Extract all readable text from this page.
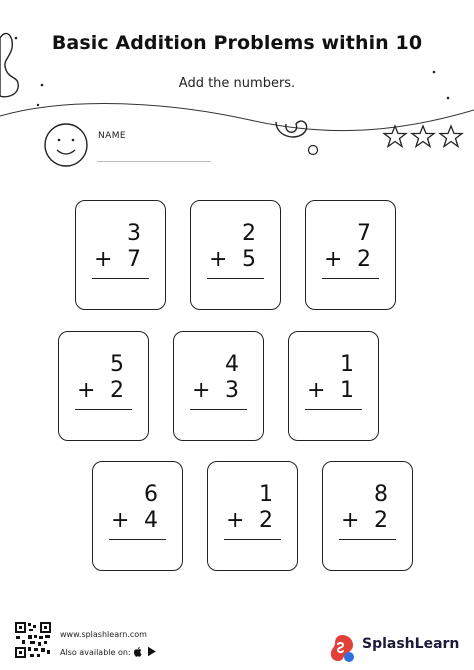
Basic Addition Problems within 10
Add the numbers.
NAME
3
+ 7
2
+ 5
7
+ 2
5
+ 2
4
+ 3
1
+ 1
6
+ 4
1
+ 2
8
+ 2
www.splashlearn.com
Also available on:
SplashLearn
